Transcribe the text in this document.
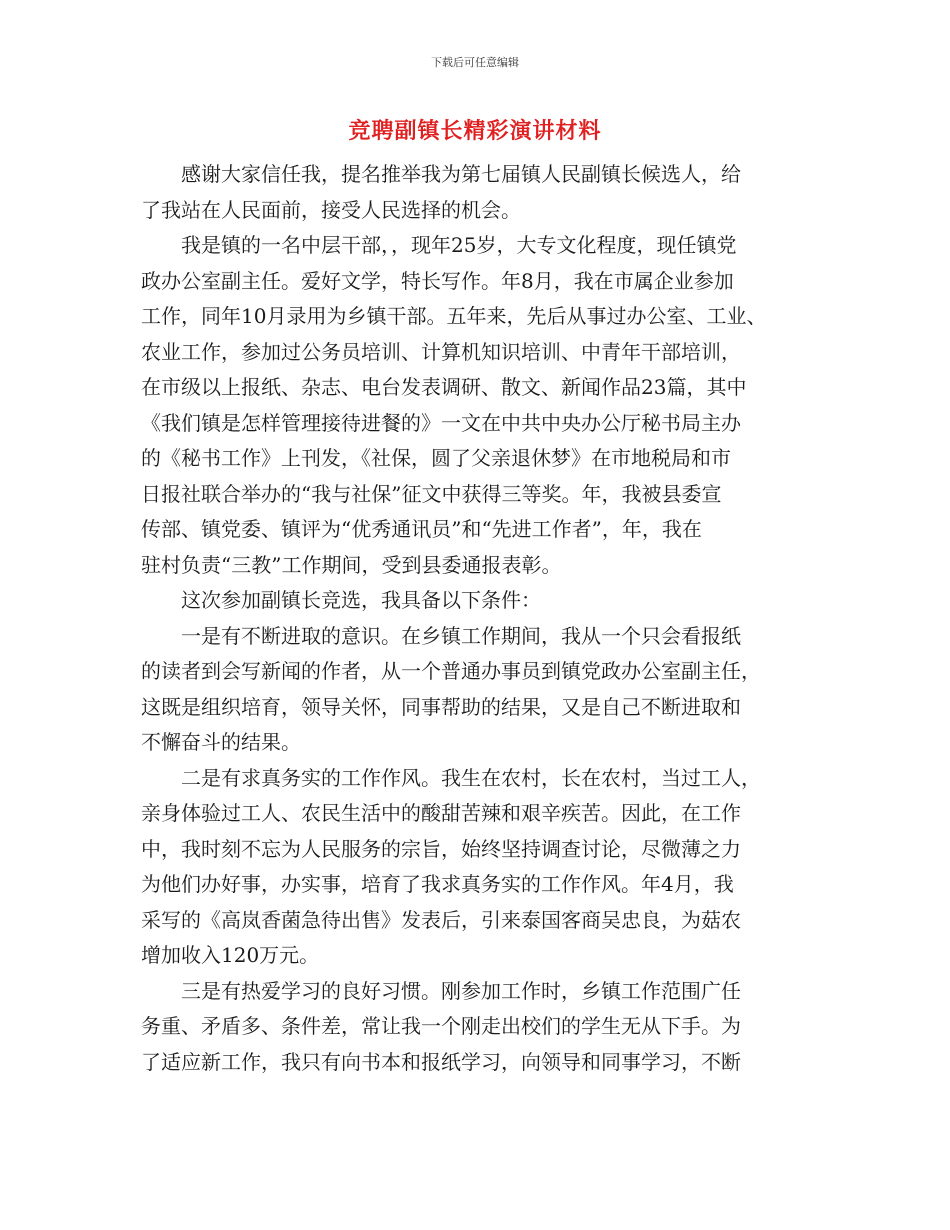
下载后可任意编辑
竞聘副镇长精彩演讲材料
　　感谢大家信任我，提名推举我为第七届镇人民副镇长候选人，给
了我站在人民面前，接受人民选择的机会。
　　我是镇的一名中层干部，，现年25岁，大专文化程度，现任镇党
政办公室副主任。爱好文学，特长写作。年8月，我在市属企业参加
工作，同年10月录用为乡镇干部。五年来，先后从事过办公室、工业、
农业工作，参加过公务员培训、计算机知识培训、中青年干部培训，
在市级以上报纸、杂志、电台发表调研、散文、新闻作品23篇，其中
《我们镇是怎样管理接待进餐的》一文在中共中央办公厅秘书局主办
的《秘书工作》上刊发，《社保，圆了父亲退休梦》在市地税局和市
日报社联合举办的“我与社保”征文中获得三等奖。年，我被县委宣
传部、镇党委、镇评为“优秀通讯员”和“先进工作者”，年，我在
驻村负责“三教”工作期间，受到县委通报表彰。
　　这次参加副镇长竞选，我具备以下条件：
　　一是有不断进取的意识。在乡镇工作期间，我从一个只会看报纸
的读者到会写新闻的作者，从一个普通办事员到镇党政办公室副主任，
这既是组织培育，领导关怀，同事帮助的结果，又是自己不断进取和
不懈奋斗的结果。
　　二是有求真务实的工作作风。我生在农村，长在农村，当过工人，
亲身体验过工人、农民生活中的酸甜苦辣和艰辛疾苦。因此，在工作
中，我时刻不忘为人民服务的宗旨，始终坚持调查讨论，尽微薄之力
为他们办好事，办实事，培育了我求真务实的工作作风。年4月，我
采写的《高岚香菌急待出售》发表后，引来泰国客商吴忠良，为菇农
增加收入120万元。
　　三是有热爱学习的良好习惯。刚参加工作时，乡镇工作范围广任
务重、矛盾多、条件差，常让我一个刚走出校们的学生无从下手。为
了适应新工作，我只有向书本和报纸学习，向领导和同事学习，不断
